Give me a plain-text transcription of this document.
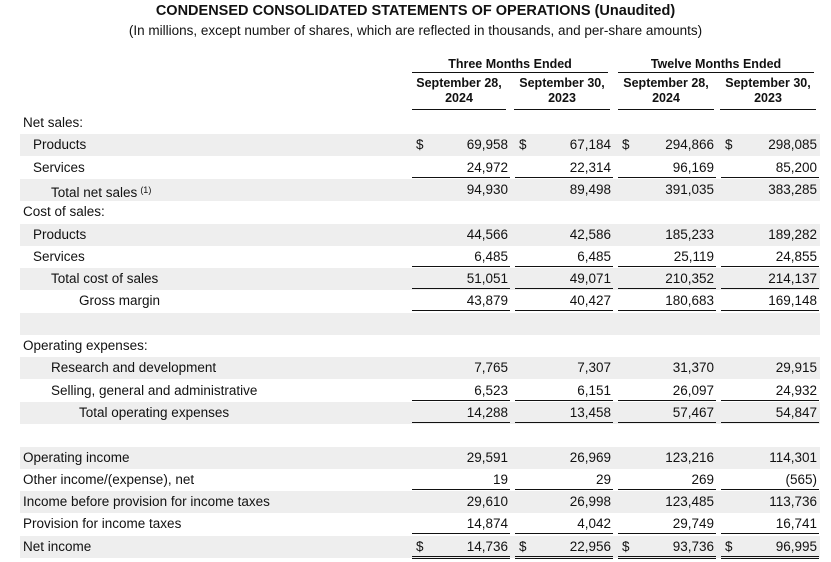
CONDENSED CONSOLIDATED STATEMENTS OF OPERATIONS (Unaudited)
(In millions, except number of shares, which are reflected in thousands, and per-share amounts)
Three Months Ended	Twelve Months Ended
September 28,
2024
September 30,
2023
September 28,
2024
September 30,
2023
Net sales:
Products	$	69,958 $	67,184 $	294,866 $	298,085
Services	24,972	22,314	96,169	85,200
Total net sales $^{(1)}$	94,930	89,498	391,035	383,285
Cost of sales:
Products	44,566	42,586	185,233	189,282
Services	6,485	6,485	25,119	24,855
Total cost of sales	51,051	49,071	210,352	214,137
Gross margin	43,879	40,427	180,683	169,148
Operating expenses:
Research and development	7,765	7,307	31,370	29,915
Selling, general and administrative	6,523	6,151	26,097	24,932
Total operating expenses	14,288	13,458	57,467	54,847
Operating income	29,591	26,969	123,216	114,301
Other income/(expense), net	19	29	269	(565)
Income before provision for income taxes	29,610	26,998	123,485	113,736
Provision for income taxes	14,874	4,042	29,749	16,741
Net income	$	14,736 $	22,956 $	93,736 $	96,995
